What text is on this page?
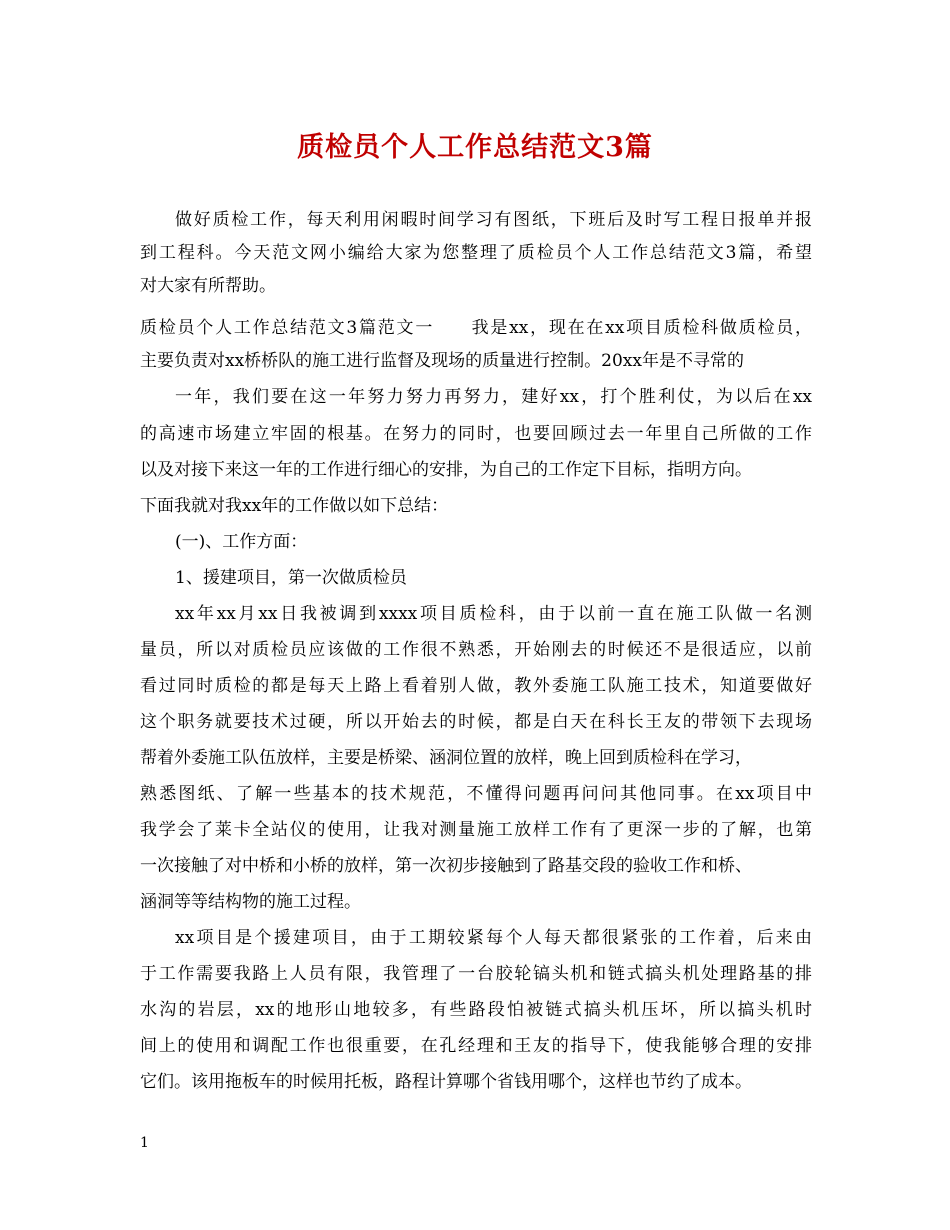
质检员个人工作总结范文3篇
做好质检工作，每天利用闲暇时间学习有图纸，下班后及时写工程日报单并报
到工程科。今天范文网小编给大家为您整理了质检员个人工作总结范文3篇，希望
对大家有所帮助。
质检员个人工作总结范文3篇范文一　　我是xx，现在在xx项目质检科做质检员，
主要负责对xx桥桥队的施工进行监督及现场的质量进行控制。20xx年是不寻常的
一年，我们要在这一年努力努力再努力，建好xx，打个胜利仗，为以后在xx
的高速市场建立牢固的根基。在努力的同时，也要回顾过去一年里自己所做的工作
以及对接下来这一年的工作进行细心的安排，为自己的工作定下目标，指明方向。
下面我就对我xx年的工作做以如下总结：
(一)、工作方面：
1、援建项目，第一次做质检员
xx年xx月xx日我被调到xxxx项目质检科，由于以前一直在施工队做一名测
量员，所以对质检员应该做的工作很不熟悉，开始刚去的时候还不是很适应，以前
看过同时质检的都是每天上路上看着别人做，教外委施工队施工技术，知道要做好
这个职务就要技术过硬，所以开始去的时候，都是白天在科长王友的带领下去现场
帮着外委施工队伍放样，主要是桥梁、涵洞位置的放样，晚上回到质检科在学习，
熟悉图纸、了解一些基本的技术规范，不懂得问题再问问其他同事。在xx项目中
我学会了莱卡全站仪的使用，让我对测量施工放样工作有了更深一步的了解，也第
一次接触了对中桥和小桥的放样，第一次初步接触到了路基交段的验收工作和桥、
涵洞等等结构物的施工过程。
xx项目是个援建项目，由于工期较紧每个人每天都很紧张的工作着，后来由
于工作需要我路上人员有限，我管理了一台胶轮镐头机和链式搞头机处理路基的排
水沟的岩层，xx的地形山地较多，有些路段怕被链式搞头机压坏，所以搞头机时
间上的使用和调配工作也很重要，在孔经理和王友的指导下，使我能够合理的安排
它们。该用拖板车的时候用托板，路程计算哪个省钱用哪个，这样也节约了成本。
1
